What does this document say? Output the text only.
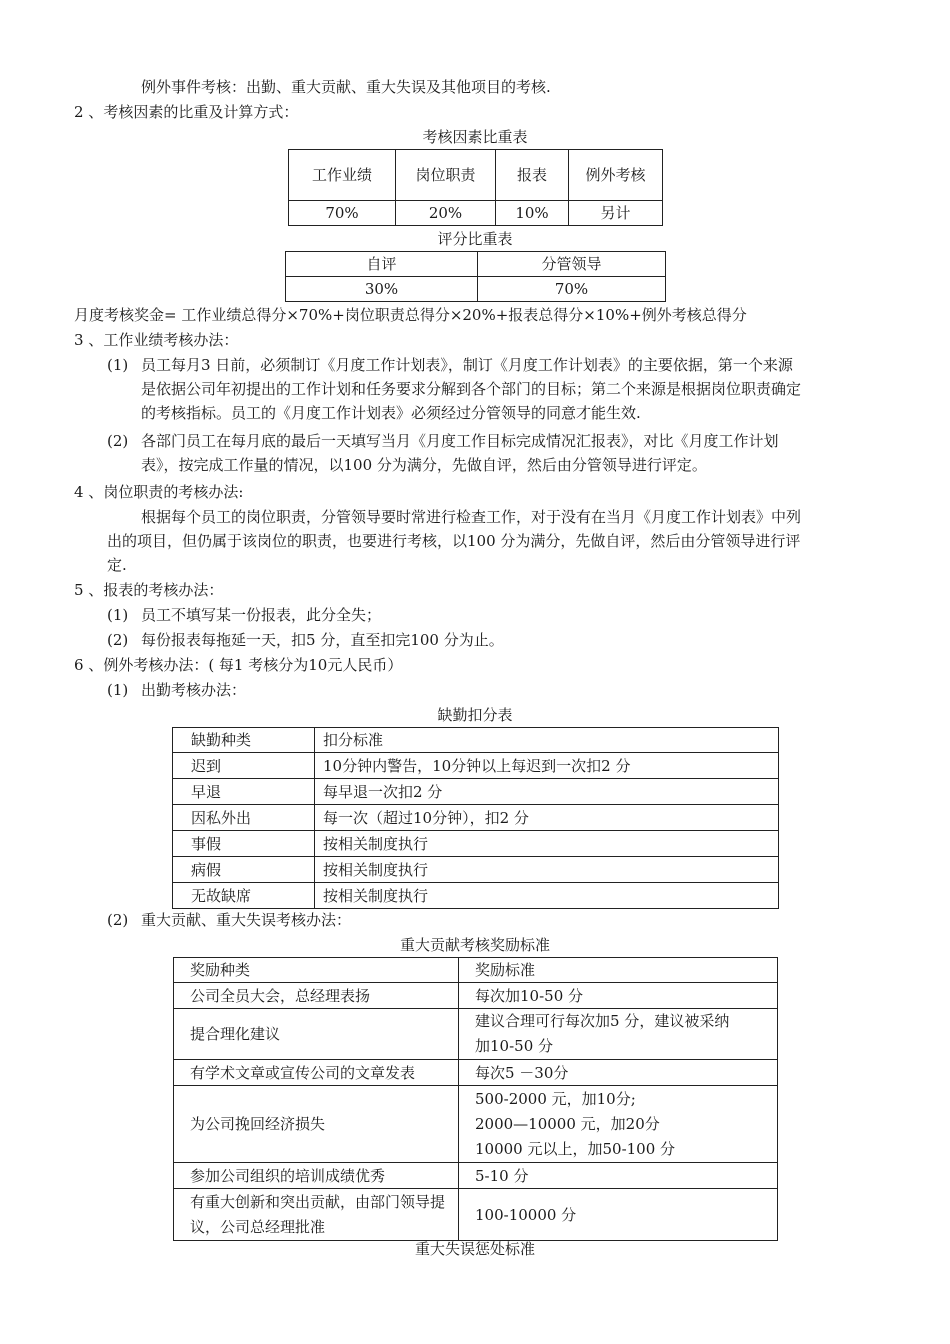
例外事件考核：出勤、重大贡献、重大失误及其他项目的考核.
2 、考核因素的比重及计算方式：
考核因素比重表
工作业绩	岗位职责	报表	例外考核
70%	20%	10%	另计
评分比重表
自评	分管领导
30%	70%
月度考核奖金= 工作业绩总得分×70%+岗位职责总得分×20%+报表总得分×10%+例外考核总得分
3 、工作业绩考核办法：
(1) 员工每月3 日前，必须制订《月度工作计划表》，制订《月度工作计划表》的主要依据，第一个来源
是依据公司年初提出的工作计划和任务要求分解到各个部门的目标；第二个来源是根据岗位职责确定
的考核指标。员工的《月度工作计划表》必须经过分管领导的同意才能生效.
(2) 各部门员工在每月底的最后一天填写当月《月度工作目标完成情况汇报表》，对比《月度工作计划
表》，按完成工作量的情况，以100 分为满分，先做自评，然后由分管领导进行评定。
4 、岗位职责的考核办法:
根据每个员工的岗位职责，分管领导要时常进行检查工作，对于没有在当月《月度工作计划表》中列
出的项目，但仍属于该岗位的职责，也要进行考核，以100 分为满分，先做自评，然后由分管领导进行评
定.
5 、报表的考核办法：
(1) 员工不填写某一份报表，此分全失；
(2) 每份报表每拖延一天，扣5 分，直至扣完100 分为止。
6 、例外考核办法：( 每1 考核分为10元人民币）
(1) 出勤考核办法：
缺勤扣分表
缺勤种类	扣分标准
迟到	10分钟内警告，10分钟以上每迟到一次扣2 分
早退	每早退一次扣2 分
因私外出	每一次（超过10分钟），扣2 分
事假	按相关制度执行
病假	按相关制度执行
无故缺席	按相关制度执行
(2) 重大贡献、重大失误考核办法：
重大贡献考核奖励标准
奖励种类	奖励标准
公司全员大会，总经理表扬	每次加10-50 分
提合理化建议	建议合理可行每次加5 分，建议被采纳
加10-50 分

有学术文章或宣传公司的文章发表	每次5 －30分
为公司挽回经济损失	500-2000 元，加10分;
2000—10000 元，加20分
10000 元以上，加50-100 分

参加公司组织的培训成绩优秀	5-10 分
有重大创新和突出贡献，由部门领导提议，公司总经理批准	100-10000 分
重大失误惩处标准
